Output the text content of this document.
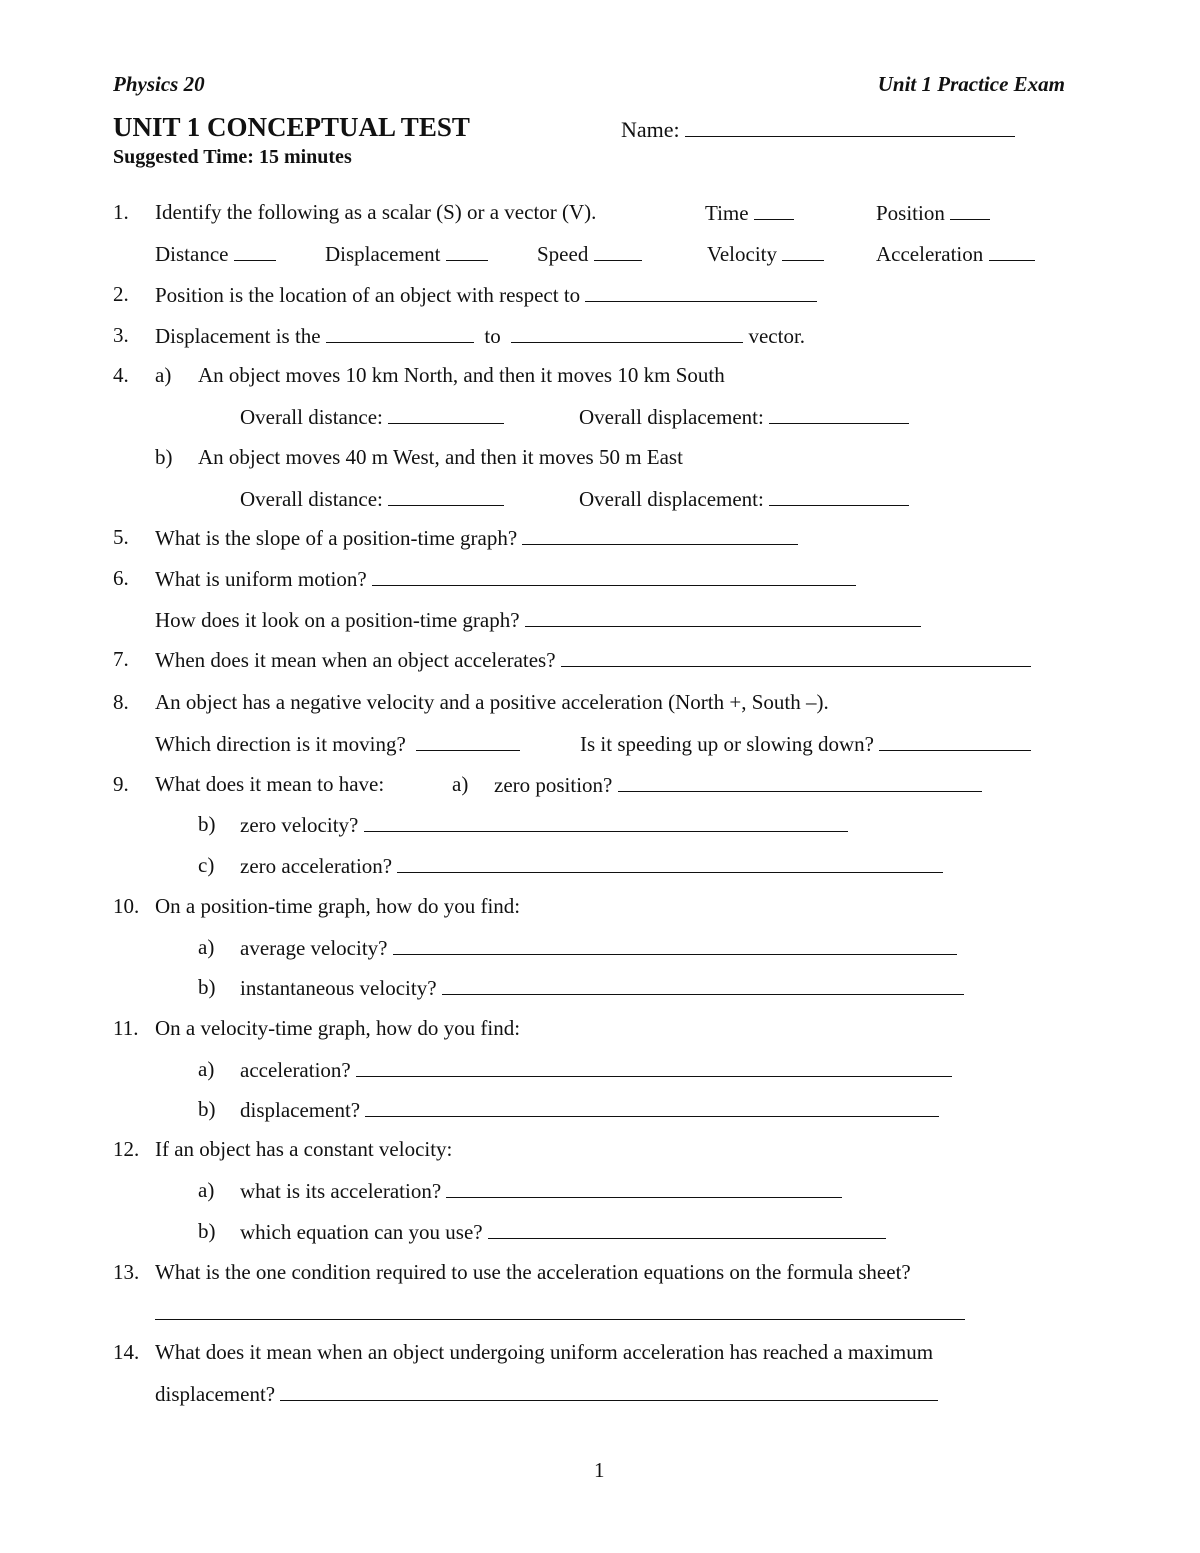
Physics 20	Unit 1 Practice Exam
UNIT 1 CONCEPTUAL TEST	Name:
Suggested Time: 15 minutes
1.	Identify the following as a scalar (S) or a vector (V).	Time	Position
Distance	Displacement	Speed	Velocity	Acceleration
2.	Position is the location of an object with respect to
3.	Displacement is the	to	vector.
4.	a) An object moves 10 km North, and then it moves 10 km South
Overall distance:	Overall displacement:
b) An object moves 40 m West, and then it moves 50 m East
Overall distance:	Overall displacement:
5.	What is the slope of a position-time graph?
6.	What is uniform motion?
How does it look on a position-time graph?
7.	When does it mean when an object accelerates?
8.	An object has a negative velocity and a positive acceleration (North +, South –).
Which direction is it moving?	Is it speeding up or slowing down?
9.	What does it mean to have:	a) zero position?
b) zero velocity?
c) zero acceleration?
10. On a position-time graph, how do you find:
a) average velocity?
b) instantaneous velocity?
11. On a velocity-time graph, how do you find:
a) acceleration?
b) displacement?
12. If an object has a constant velocity:
a) what is its acceleration?
b) which equation can you use?
13. What is the one condition required to use the acceleration equations on the formula sheet?
14. What does it mean when an object undergoing uniform acceleration has reached a maximum
displacement?
1
